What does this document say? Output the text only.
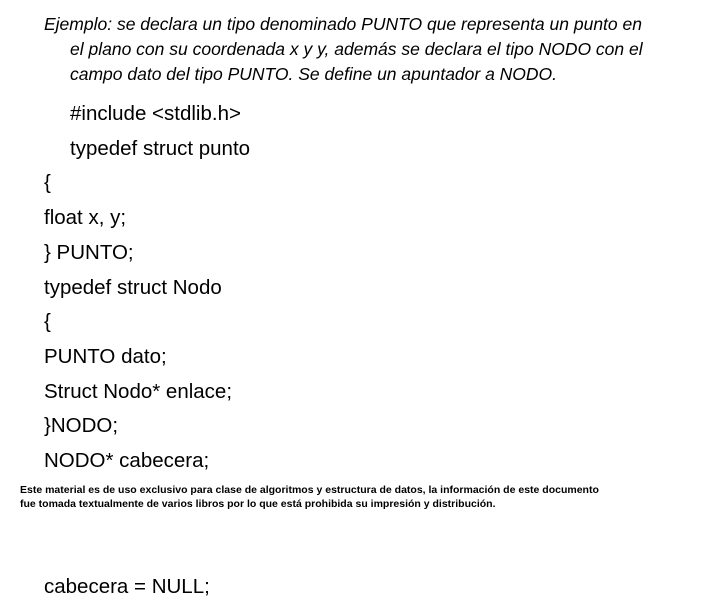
Ejemplo: se declara un tipo denominado PUNTO que representa un punto en
el plano con su coordenada x y y, además se declara el tipo NODO con el
campo dato del tipo PUNTO. Se define un apuntador a NODO.
#include <stdlib.h>
typedef struct punto
{
float x, y;
} PUNTO;
typedef struct Nodo
{
PUNTO dato;
Struct Nodo* enlace;
}NODO;
NODO* cabecera;
cabecera = NULL;
Este material es de uso exclusivo para clase de algoritmos y estructura de datos, la información de este documento
fue tomada textualmente de varios libros por lo que está prohibida su impresión y distribución.
